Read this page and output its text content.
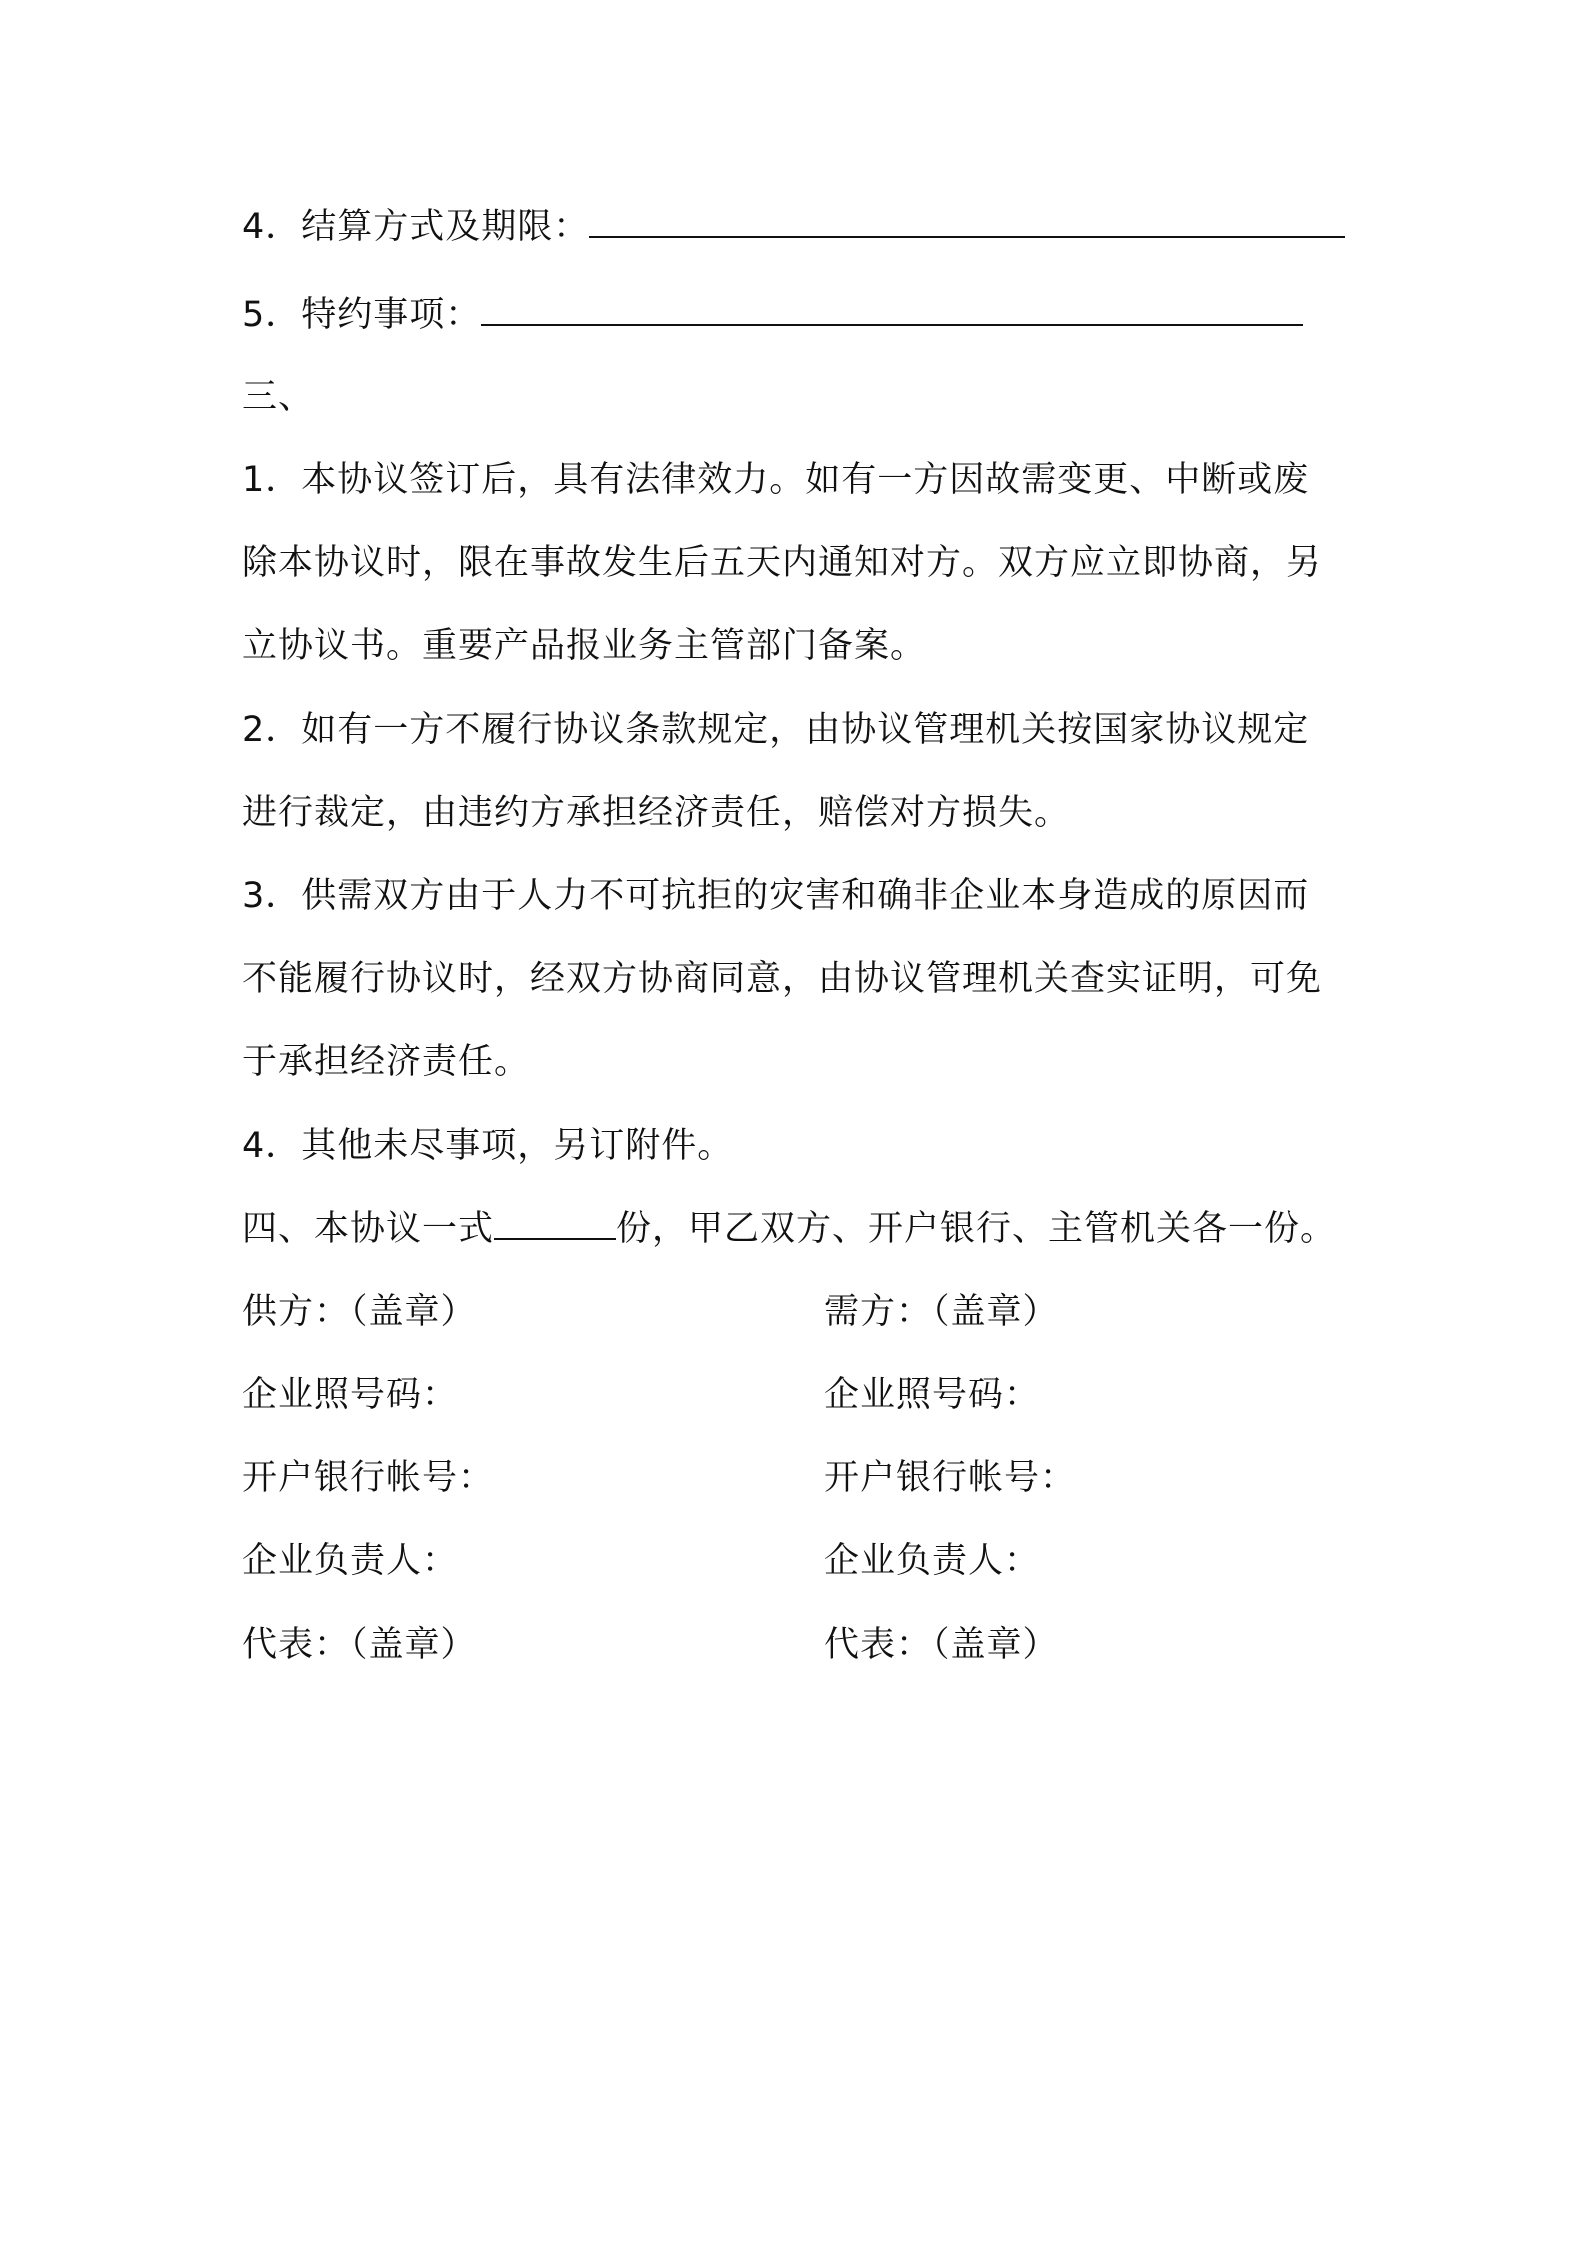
4．结算方式及期限：
5．特约事项：
三、
1．本协议签订后，具有法律效力。如有一方因故需变更、中断或废
除本协议时，限在事故发生后五天内通知对方。双方应立即协商，另
立协议书。重要产品报业务主管部门备案。
2．如有一方不履行协议条款规定，由协议管理机关按国家协议规定
进行裁定，由违约方承担经济责任，赔偿对方损失。
3．供需双方由于人力不可抗拒的灾害和确非企业本身造成的原因而
不能履行协议时，经双方协商同意，由协议管理机关查实证明，可免
于承担经济责任。
4．其他未尽事项，另订附件。
四、本协议一式	份，甲乙双方、开户银行、主管机关各一份。
供方：（盖章）
企业照号码：
开户银行帐号：
企业负责人：
代表：（盖章）
需方：（盖章）
企业照号码：
开户银行帐号：
企业负责人：
代表：（盖章）
